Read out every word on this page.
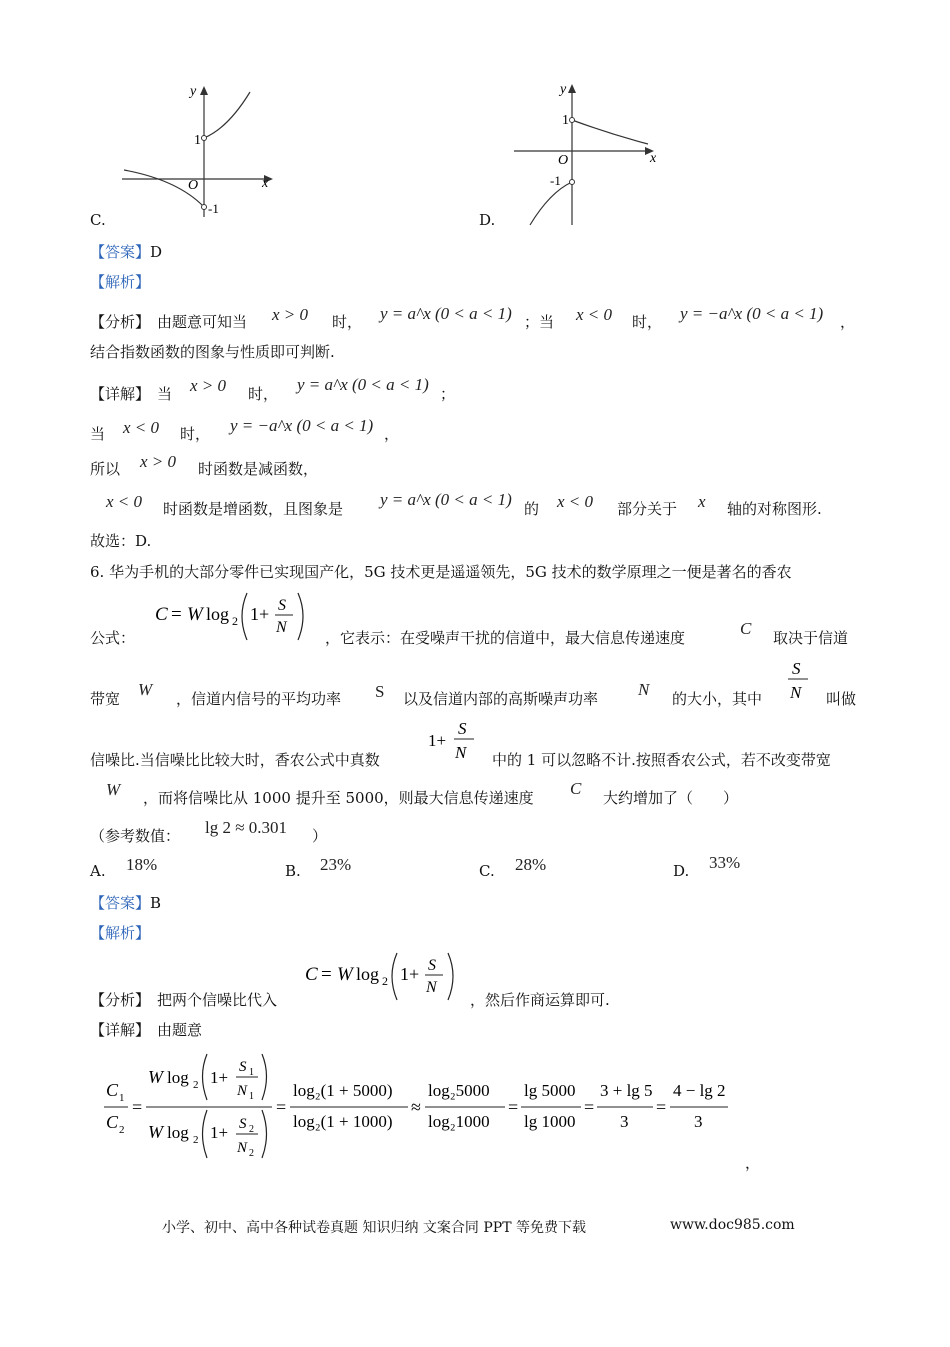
1
-1
O	x
y
C.
1
-1
O	x
y
D.
【答案】D
【解析】
【分析】 由题意可知当 x > 0 时， y = a^x (0 < a < 1) ；当 x < 0 时， y = −a^x (0 < a < 1) ，
结合指数函数的图象与性质即可判断.
【详解】 当 x > 0 时， y = a^x (0 < a < 1) ；
当 x < 0 时， y = −a^x (0 < a < 1) ，
所以 x > 0 时函数是减函数，
x < 0 时函数是增函数，且图象是 y = a^x (0 < a < 1) 的 x < 0 部分关于 x 轴的对称图形.
故选：D.
6. 华为手机的大部分零件已实现国产化，5G 技术更是遥遥领先，5G 技术的数学原理之一便是著名的香农
公式：
C = W log 2 1+ S
N
，它表示：在受噪声干扰的信道中，最大信息传递速度	C 取决于信道
带宽 W ，信道内信号的平均功率 S 以及信道内部的高斯噪声功率 N 的大小，其中
S
N 叫做
信噪比.当信噪比比较大时，香农公式中真数
1+
S
N 中的 1 可以忽略不计.按照香农公式，若不改变带宽
W ，而将信噪比从 1000 提升至 5000，则最大信息传递速度 C 大约增加了（　　）
（参考数值： lg 2 ≈ 0.301 ）
A. 18%	B. 23%	C. 28%	D. 33%
【答案】B
【解析】
【分析】 把两个信噪比代入
C = W log 2 1+ S
N
，然后作商运算即可.
【详解】 由题意
C 1
C 2
=
W log 2 1+
S 1
N 1
W log 2 1+ S 2
N 2
=
log₂(1 + 5000)
log₂(1 + 1000)
≈
log₂5000
log₂1000
=
lg 5000
lg 1000
=
3 + lg 5
3
=
4 − lg 2
3
，
小学、初中、高中各种试卷真题 知识归纳 文案合同 PPT 等免费下载	www.doc985.com
